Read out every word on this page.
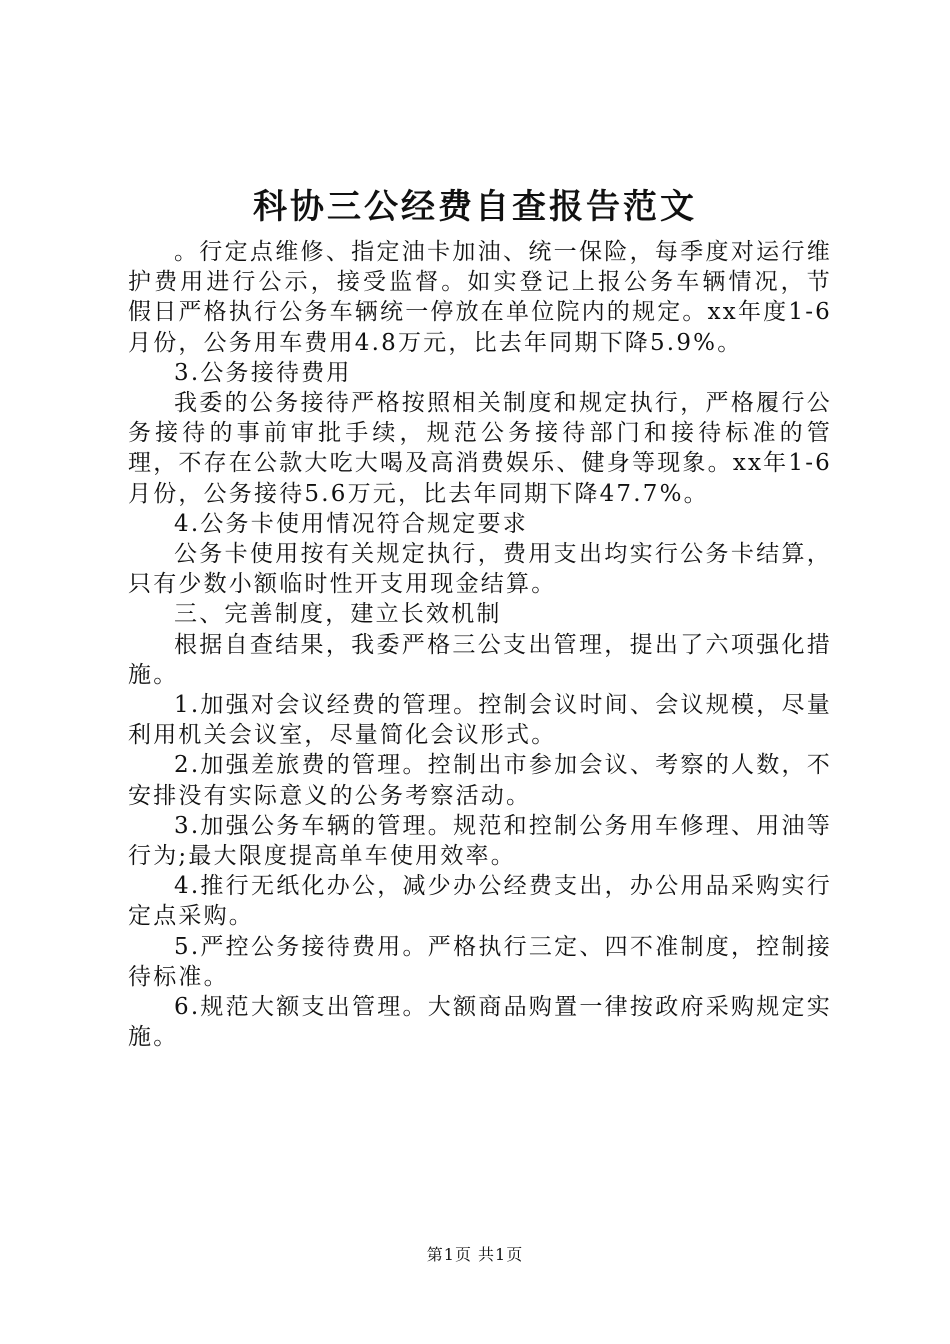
科协三公经费自查报告范文

。行定点维修、指定油卡加油、统一保险，每季度对运行维护费用进行公示，接受监督。如实登记上报公务车辆情况，节假日严格执行公务车辆统一停放在单位院内的规定。xx年度1-6月份，公务用车费用4.8万元，比去年同期下降5.9%。

3.公务接待费用

我委的公务接待严格按照相关制度和规定执行，严格履行公务接待的事前审批手续，规范公务接待部门和接待标准的管理，不存在公款大吃大喝及高消费娱乐、健身等现象。xx年1-6月份，公务接待5.6万元，比去年同期下降47.7%。

4.公务卡使用情况符合规定要求

公务卡使用按有关规定执行，费用支出均实行公务卡结算，只有少数小额临时性开支用现金结算。

三、完善制度，建立长效机制

根据自查结果，我委严格三公支出管理，提出了六项强化措施。

1.加强对会议经费的管理。控制会议时间、会议规模，尽量利用机关会议室，尽量简化会议形式。

2.加强差旅费的管理。控制出市参加会议、考察的人数，不安排没有实际意义的公务考察活动。

3.加强公务车辆的管理。规范和控制公务用车修理、用油等行为;最大限度提高单车使用效率。

4.推行无纸化办公，减少办公经费支出，办公用品采购实行定点采购。

5.严控公务接待费用。严格执行三定、四不准制度，控制接待标准。

6.规范大额支出管理。大额商品购置一律按政府采购规定实施。

第1页 共1页
